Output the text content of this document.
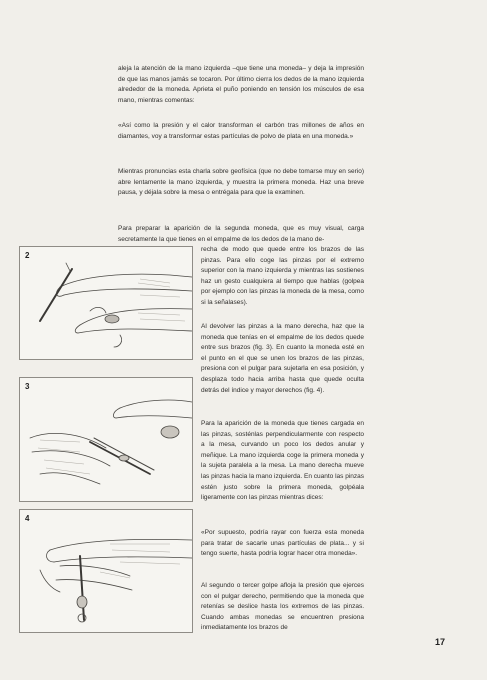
aleja la atención de la mano izquierda –que tiene una moneda– y deja la impresión de que las manos jamás se tocaron. Por último cierra los dedos de la mano izquierda alrededor de la moneda. Aprieta el puño poniendo en tensión los músculos de esa mano, mientras comentas:

«Así como la presión y el calor transforman el carbón tras millones de años en diamantes, voy a transformar estas partículas de polvo de plata en una moneda.»

Mientras pronuncias esta charla sobre geofísica (que no debe tomarse muy en serio) abre lentamente la mano izquierda, y muestra la primera moneda. Haz una breve pausa, y déjala sobre la mesa o entrégala para que la examinen.

Para preparar la aparición de la segunda moneda, que es muy visual, carga secretamente la que tienes en el empalme de los dedos de la mano de-

recha de modo que quede entre los brazos de las pinzas. Para ello coge las pinzas por el extremo superior con la mano izquierda y mientras las sostienes haz un gesto cualquiera al tiempo que hablas (golpea por ejemplo con las pinzas la moneda de la mesa, como si la señalases).

Al devolver las pinzas a la mano derecha, haz que la moneda que tenías en el empalme de los dedos quede entre sus brazos (fig. 3). En cuanto la moneda esté en el punto en el que se unen los brazos de las pinzas, presiona con el pulgar para sujetarla en esa posición, y desplaza todo hacia arriba hasta que quede oculta detrás del índice y mayor derechos (fig. 4).

Para la aparición de la moneda que tienes cargada en las pinzas, sosténlas perpendicularmente con respecto a la mesa, curvando un poco los dedos anular y meñique. La mano izquierda coge la primera moneda y la sujeta paralela a la mesa. La mano derecha mueve las pinzas hacia la mano izquierda. En cuanto las pinzas estén justo sobre la primera moneda, golpéala ligeramente con las pinzas mientras dices:

«Por supuesto, podría rayar con fuerza esta moneda para tratar de sacarle unas partículas de plata... y si tengo suerte, hasta podría lograr hacer otra moneda».

Al segundo o tercer golpe afloja la presión que ejerces con el pulgar derecho, permitiendo que la moneda que retenías se deslice hasta los extremos de las pinzas. Cuando ambas monedas se encuentren presiona inmediatamente los brazos de

2
3
4
17
